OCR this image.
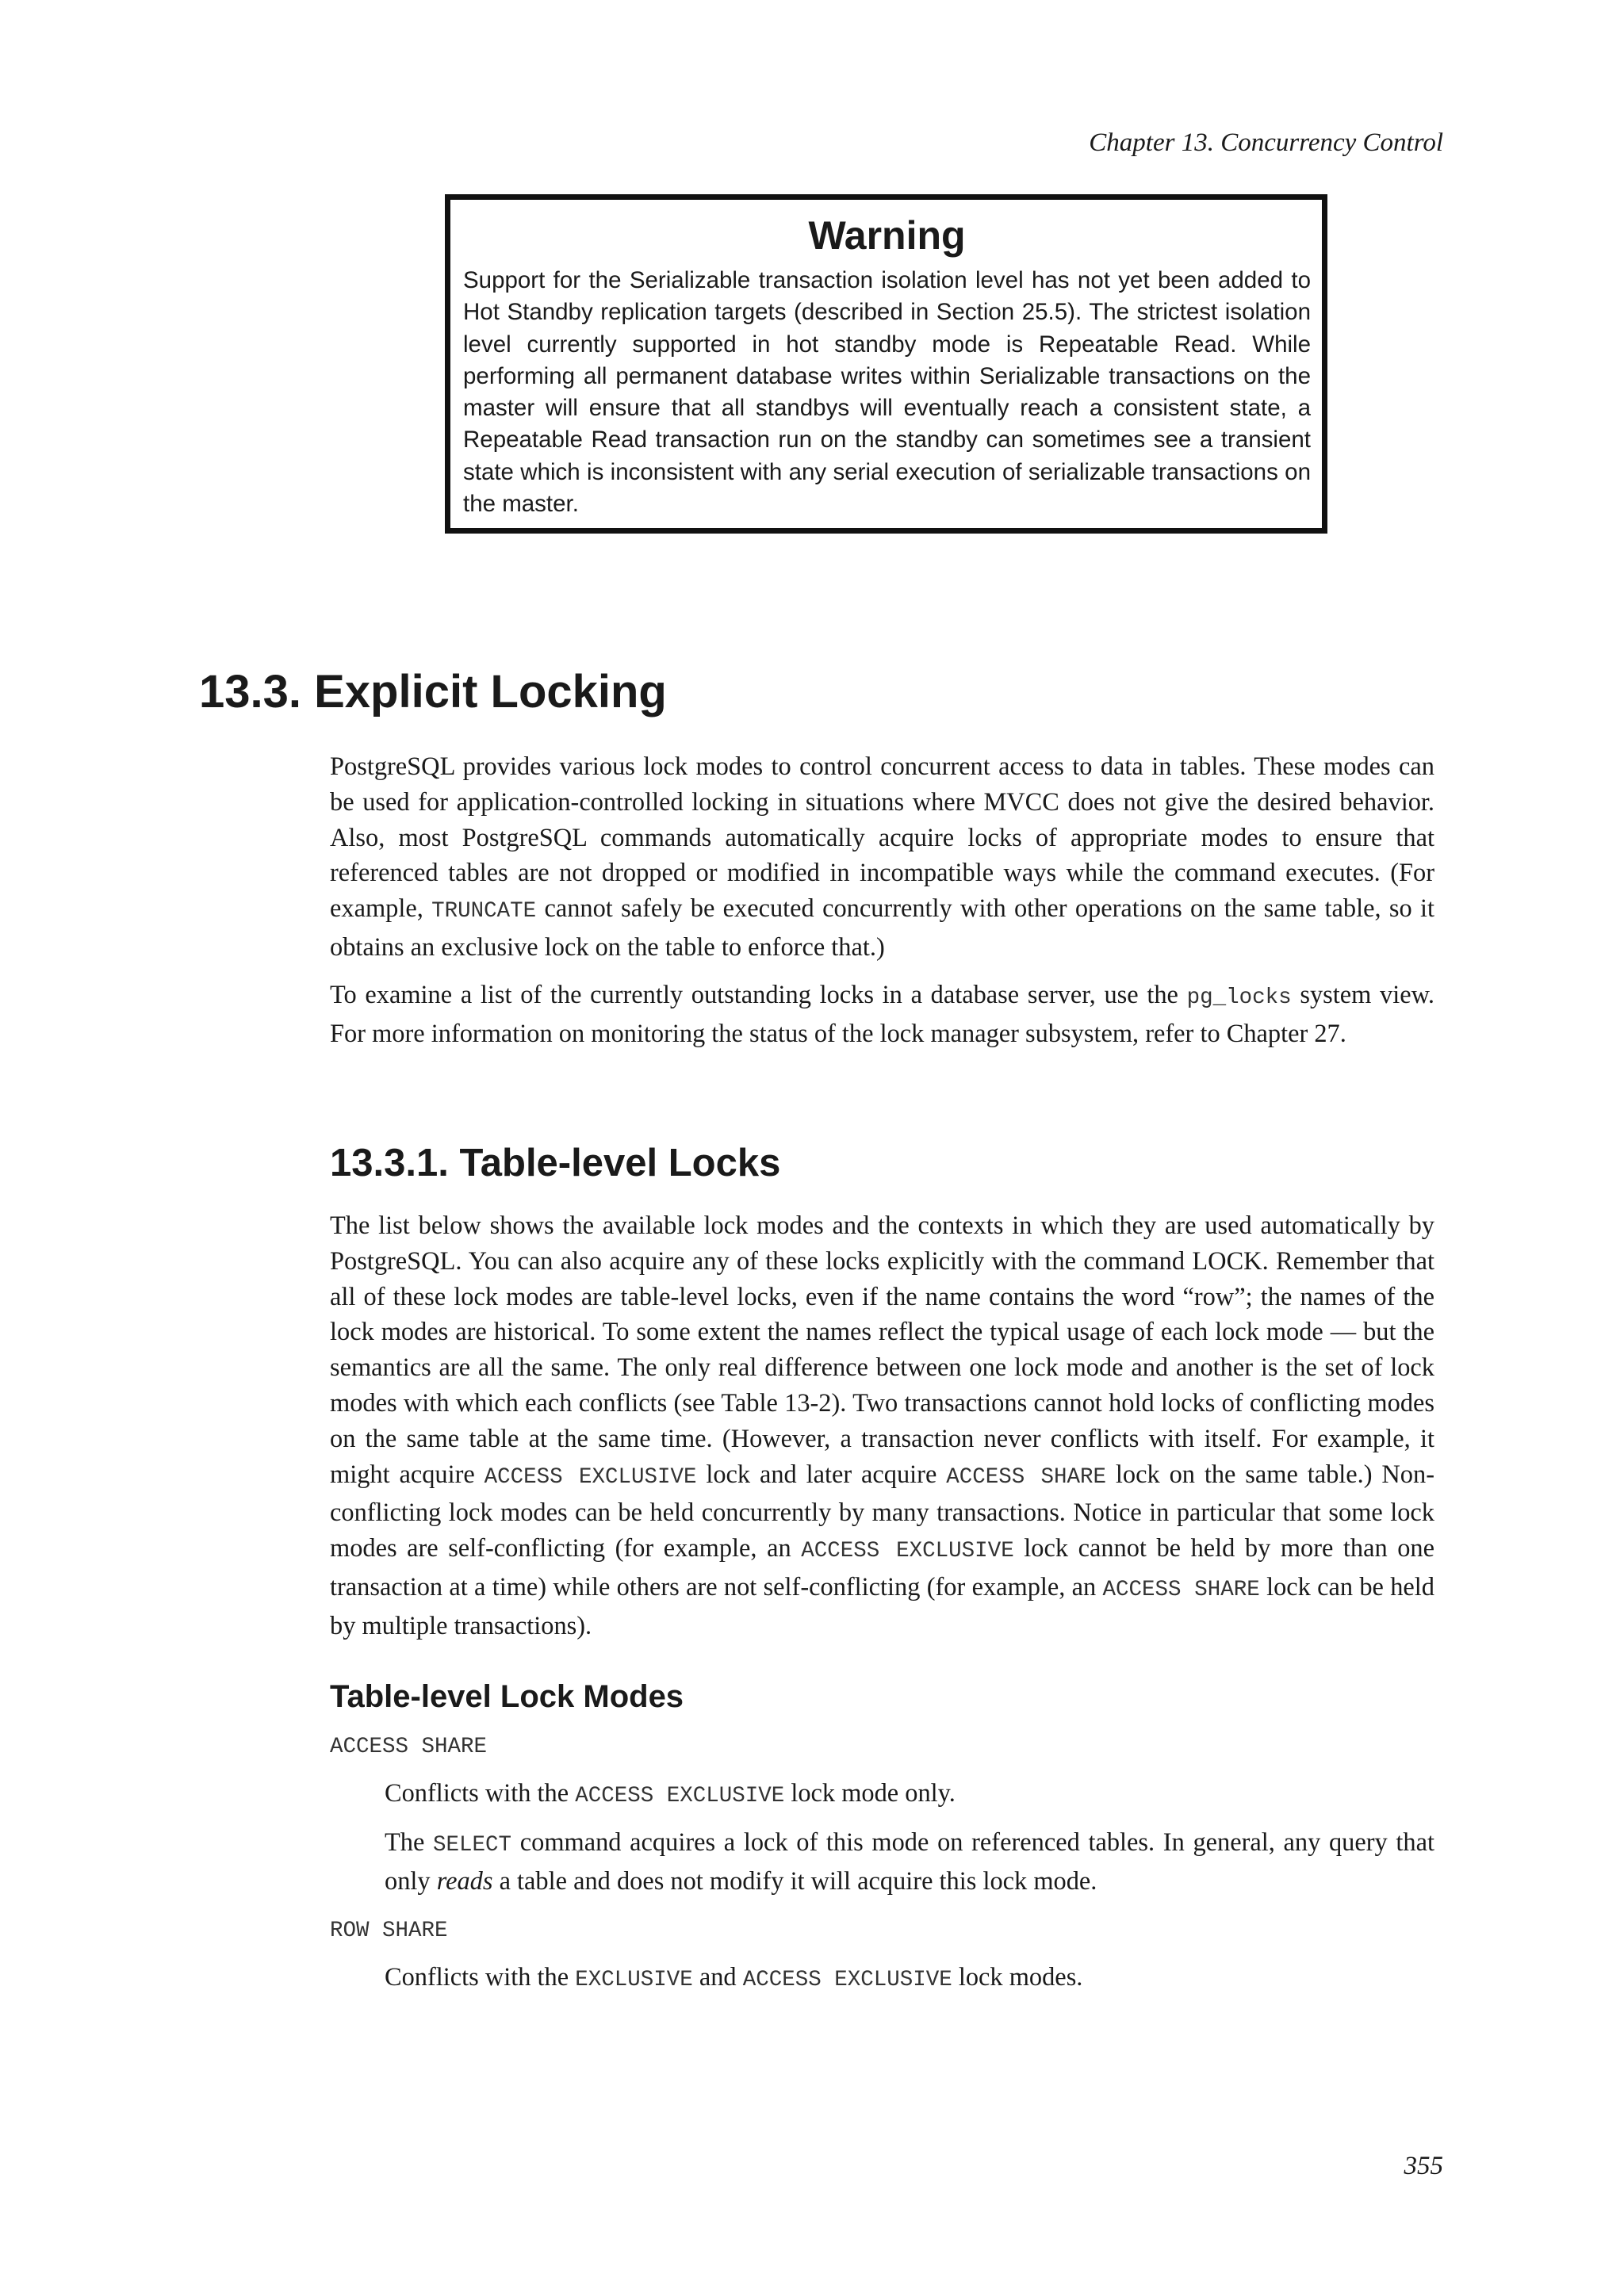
Chapter 13. Concurrency Control
Warning

Support for the Serializable transaction isolation level has not yet been added to Hot Standby replication targets (described in Section 25.5). The strictest isolation level currently supported in hot standby mode is Repeatable Read. While performing all permanent database writes within Serializable transactions on the master will ensure that all standbys will eventually reach a consistent state, a Repeatable Read transaction run on the standby can sometimes see a transient state which is inconsistent with any serial execution of serializable transactions on the master.

13.3. Explicit Locking

PostgreSQL provides various lock modes to control concurrent access to data in tables. These modes can be used for application-controlled locking in situations where MVCC does not give the desired behavior. Also, most PostgreSQL commands automatically acquire locks of appropriate modes to ensure that referenced tables are not dropped or modified in incompatible ways while the command executes. (For example, TRUNCATE cannot safely be executed concurrently with other operations on the same table, so it obtains an exclusive lock on the table to enforce that.)

To examine a list of the currently outstanding locks in a database server, use the pg_locks system view. For more information on monitoring the status of the lock manager subsystem, refer to Chapter 27.

13.3.1. Table-level Locks

The list below shows the available lock modes and the contexts in which they are used automatically by PostgreSQL. You can also acquire any of these locks explicitly with the command LOCK. Remember that all of these lock modes are table-level locks, even if the name contains the word “row”; the names of the lock modes are historical. To some extent the names reflect the typical usage of each lock mode — but the semantics are all the same. The only real difference between one lock mode and another is the set of lock modes with which each conflicts (see Table 13-2). Two transactions cannot hold locks of conflicting modes on the same table at the same time. (However, a transaction never conflicts with itself. For example, it might acquire ACCESS EXCLUSIVE lock and later acquire ACCESS SHARE lock on the same table.) Non-conflicting lock modes can be held concurrently by many transactions. Notice in particular that some lock modes are self-conflicting (for example, an ACCESS EXCLUSIVE lock cannot be held by more than one transaction at a time) while others are not self-conflicting (for example, an ACCESS SHARE lock can be held by multiple transactions).

Table-level Lock Modes
ACCESS SHARE

Conflicts with the ACCESS EXCLUSIVE lock mode only.

The SELECT command acquires a lock of this mode on referenced tables. In general, any query that only reads a table and does not modify it will acquire this lock mode.

ROW SHARE

Conflicts with the EXCLUSIVE and ACCESS EXCLUSIVE lock modes.

355
